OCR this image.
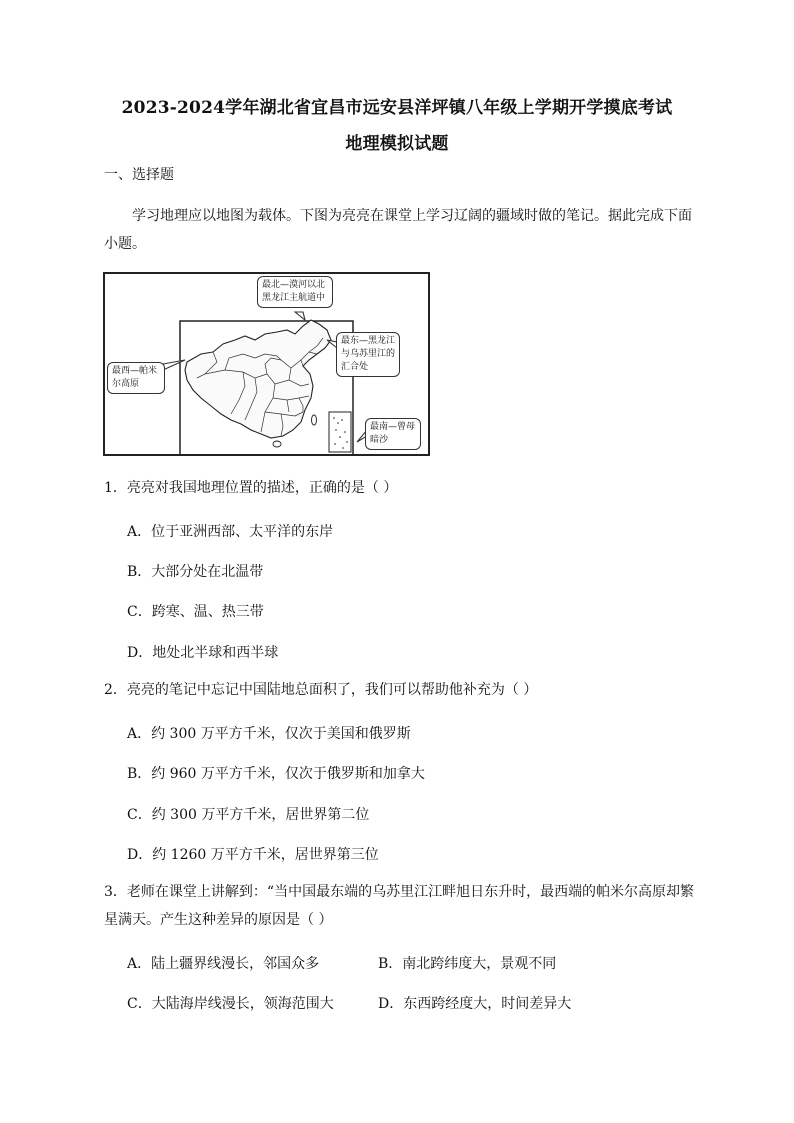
2023-2024学年湖北省宜昌市远安县洋坪镇八年级上学期开学摸底考试
地理模拟试题
一、选择题
学习地理应以地图为载体。下图为亮亮在课堂上学习辽阔的疆域时做的笔记。据此完成下面小题。
最北—漠河以北黑龙江主航道中
最东—黑龙江与乌苏里江的汇合处
最西—帕米尔高原
最南—曾母暗沙
1．亮亮对我国地理位置的描述，正确的是（ ）
A．位于亚洲西部、太平洋的东岸
B．大部分处在北温带
C．跨寒、温、热三带
D．地处北半球和西半球
2．亮亮的笔记中忘记中国陆地总面积了，我们可以帮助他补充为（ ）
A．约 300 万平方千米，仅次于美国和俄罗斯
B．约 960 万平方千米，仅次于俄罗斯和加拿大
C．约 300 万平方千米，居世界第二位
D．约 1260 万平方千米，居世界第三位
3．老师在课堂上讲解到：“当中国最东端的乌苏里江江畔旭日东升时，最西端的帕米尔高原却繁星满天。产生这种差异的原因是（ ）
A．陆上疆界线漫长，邻国众多	B．南北跨纬度大，景观不同
C．大陆海岸线漫长，领海范围大	D．东西跨经度大，时间差异大
